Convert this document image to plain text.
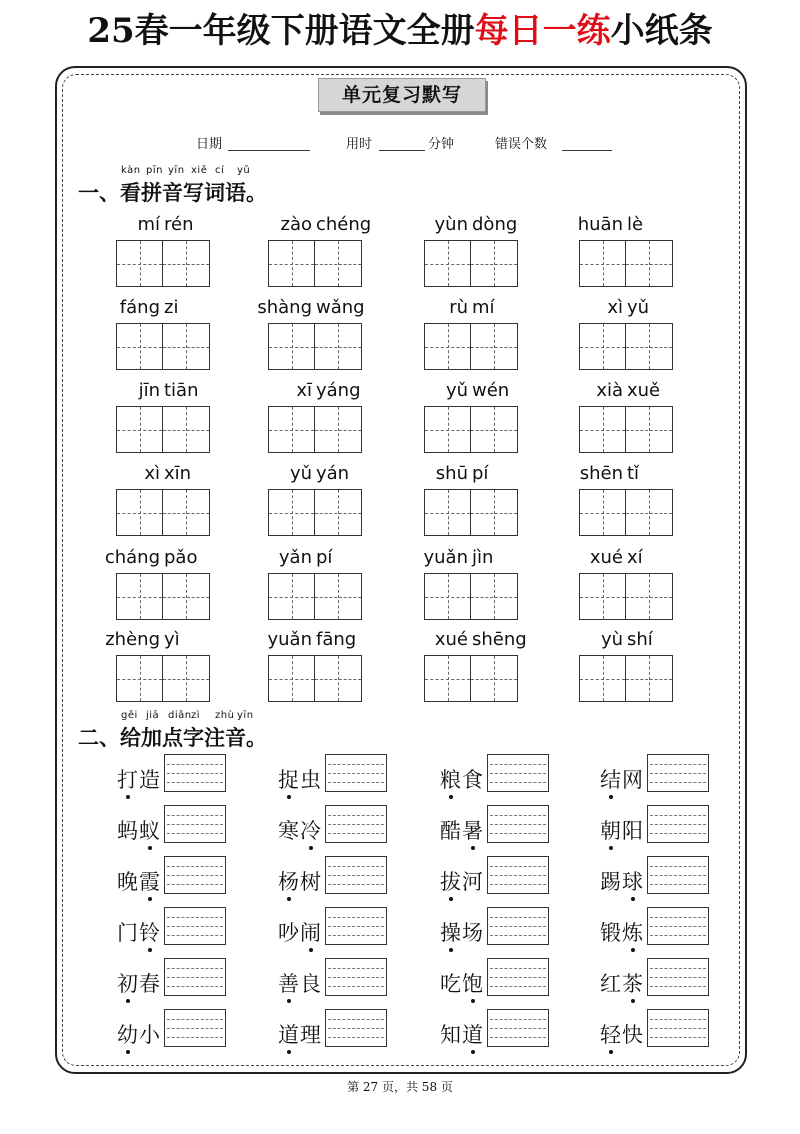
25春一年级下册语文全册每日一练小纸条
单元复习默写
日期	用时	分钟	错误个数
kàn pīn yīn xiě cí yǔ
一、看拼音写词语。
mí rén	zào chéng	yùn dòng	huān lè
fáng zi	shàng wǎng	rù mí	xì yǔ
jīn tiān	xī yáng	yǔ wén	xià xuě
xì xīn	yǔ yán	shū pí	shēn tǐ
cháng pǎo	yǎn pí	yuǎn jìn	xué xí
zhèng yì	yuǎn fāng	xué shēng	yù shí
gěi jiā diǎn zì zhù yīn
二、给加点字注音。
打造	捉虫	粮食	结网
蚂蚁	寒冷	酷暑	朝阳
晚霞	杨树	拔河	踢球
门铃	吵闹	操场	锻炼
初春	善良	吃饱	红茶
幼小	道理	知道	轻快
第 27 页，共 58 页
